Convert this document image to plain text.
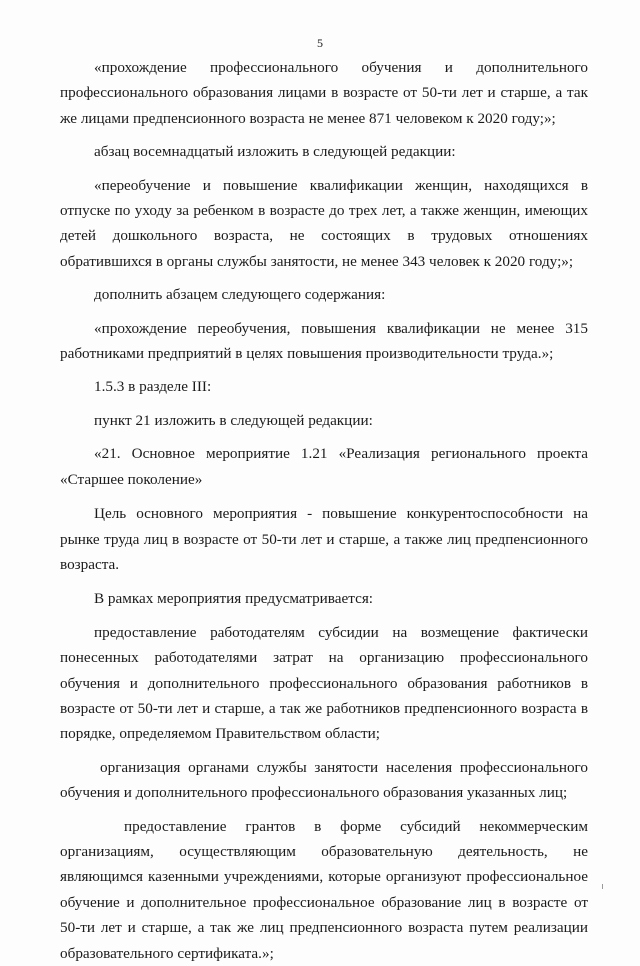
5

«прохождение профессионального обучения и дополнительного профессионального образования лицами в возрасте от 50-ти лет и старше, а так же лицами предпенсионного возраста не менее 871 человеком к 2020 году;»;

абзац восемнадцатый изложить в следующей редакции:

«переобучение и повышение квалификации женщин, находящихся в отпуске по уходу за ребенком в возрасте до трех лет, а также женщин, имеющих детей дошкольного возраста, не состоящих в трудовых отношениях обратившихся в органы службы занятости, не менее 343 человек к 2020 году;»;

дополнить абзацем следующего содержания:

«прохождение переобучения, повышения квалификации не менее 315 работниками предприятий в целях повышения производительности труда.»;

1.5.3 в разделе III:

пункт 21 изложить в следующей редакции:

«21. Основное мероприятие 1.21 «Реализация регионального проекта «Старшее поколение»

Цель основного мероприятия - повышение конкурентоспособности на рынке труда лиц в возрасте от 50-ти лет и старше, а также лиц предпенсионного возраста.

В рамках мероприятия предусматривается:

предоставление работодателям субсидии на возмещение фактически понесенных работодателями затрат на организацию профессионального обучения и дополнительного профессионального образования работников в возрасте от 50-ти лет и старше, а так же работников предпенсионного возраста в порядке, определяемом Правительством области;

организация органами службы занятости населения профессионального обучения и дополнительного профессионального образования указанных лиц;

предоставление грантов в форме субсидий некоммерческим организациям, осуществляющим образовательную деятельность, не являющимся казенными учреждениями, которые организуют профессиональное обучение и дополнительное профессиональное образование лиц в возрасте от 50-ти лет и старше, а так же лиц предпенсионного возраста путем реализации образовательного сертификата.»;
